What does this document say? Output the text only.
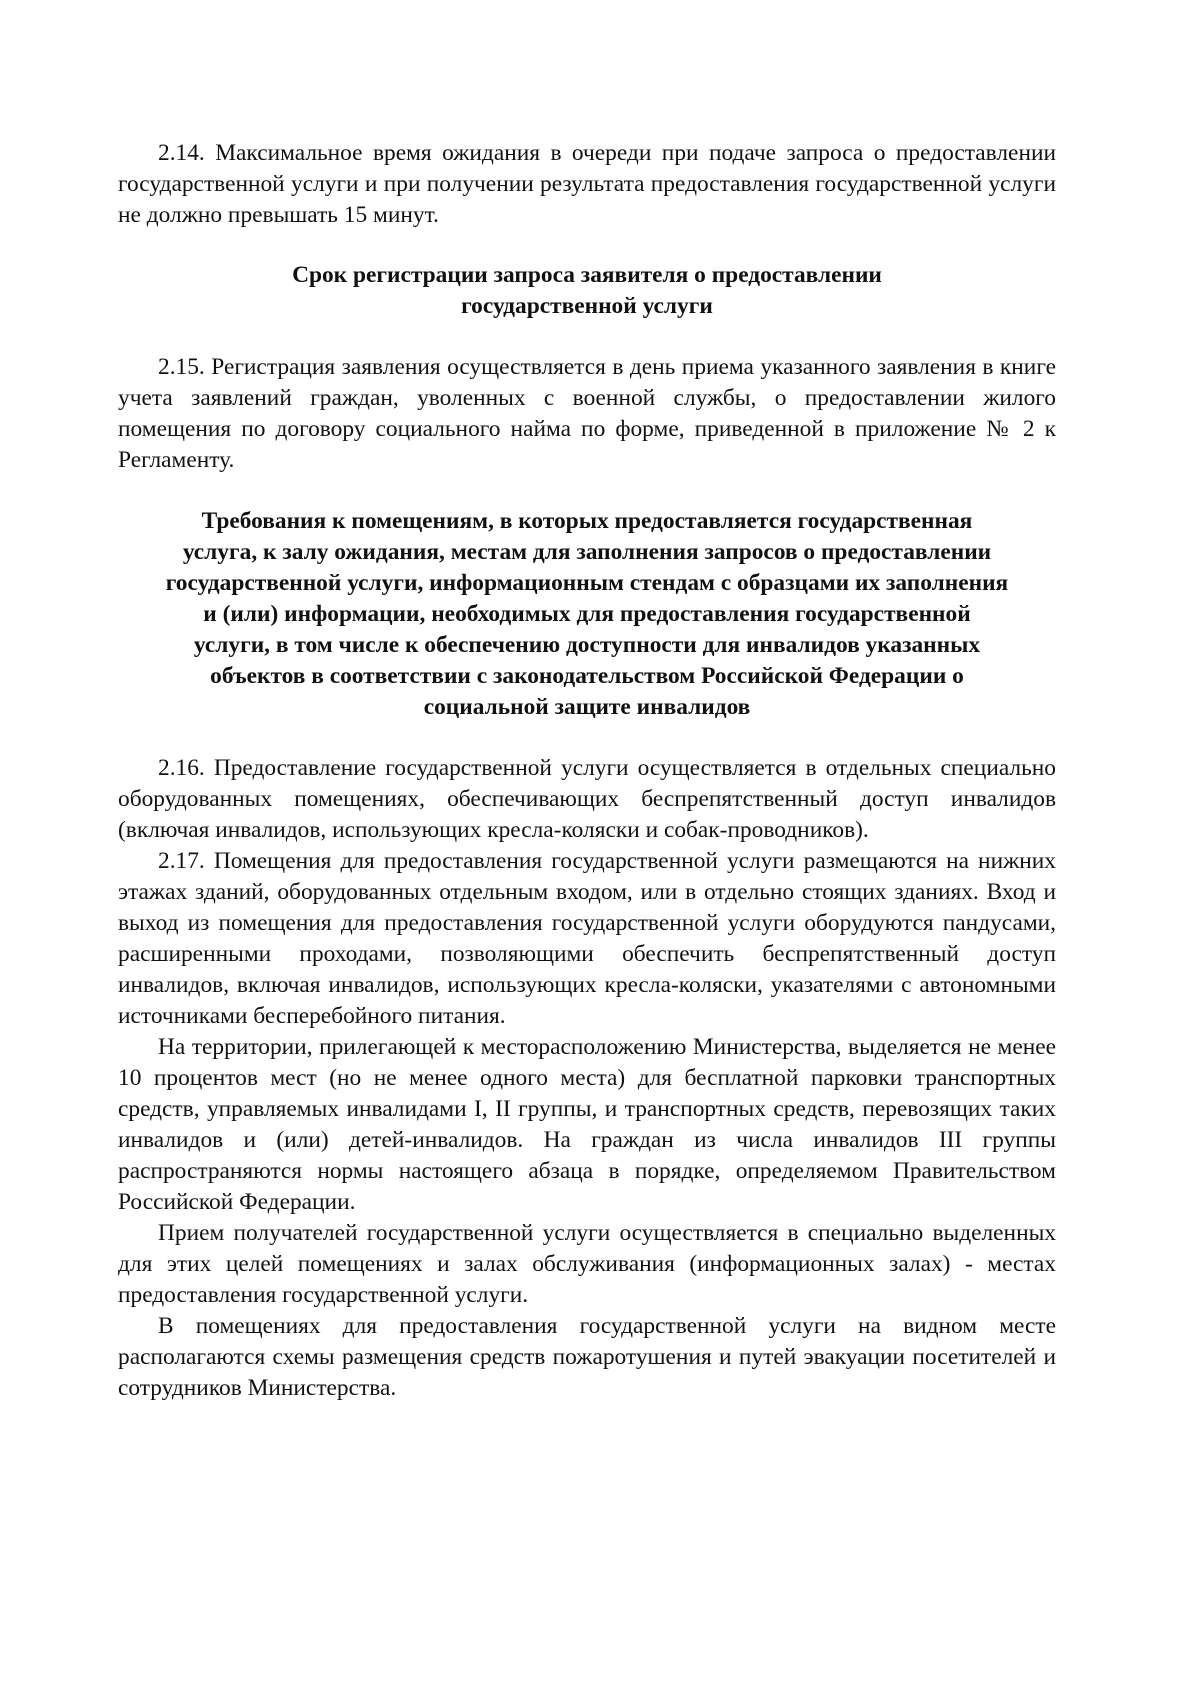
2.14. Максимальное время ожидания в очереди при подаче запроса о предоставлении государственной услуги и при получении результата предоставления государственной услуги не должно превышать 15 минут.

Срок регистрации запроса заявителя о предоставлении
государственной услуги

2.15. Регистрация заявления осуществляется в день приема указанного заявления в книге учета заявлений граждан, уволенных с военной службы, о предоставлении жилого помещения по договору социального найма по форме, приведенной в приложение № 2 к Регламенту.

Требования к помещениям, в которых предоставляется государственная
услуга, к залу ожидания, местам для заполнения запросов о предоставлении
государственной услуги, информационным стендам с образцами их заполнения
и (или) информации, необходимых для предоставления государственной
услуги, в том числе к обеспечению доступности для инвалидов указанных
объектов в соответствии с законодательством Российской Федерации о
социальной защите инвалидов

2.16. Предоставление государственной услуги осуществляется в отдельных специально оборудованных помещениях, обеспечивающих беспрепятственный доступ инвалидов (включая инвалидов, использующих кресла-коляски и собак-проводников).

2.17. Помещения для предоставления государственной услуги размещаются на нижних этажах зданий, оборудованных отдельным входом, или в отдельно стоящих зданиях. Вход и выход из помещения для предоставления государственной услуги оборудуются пандусами, расширенными проходами, позволяющими обеспечить беспрепятственный доступ инвалидов, включая инвалидов, использующих кресла-коляски, указателями с автономными источниками бесперебойного питания.

На территории, прилегающей к месторасположению Министерства, выделяется не менее 10 процентов мест (но не менее одного места) для бесплатной парковки транспортных средств, управляемых инвалидами I, II группы, и транспортных средств, перевозящих таких инвалидов и (или) детей-инвалидов. На граждан из числа инвалидов III группы распространяются нормы настоящего абзаца в порядке, определяемом Правительством Российской Федерации.

Прием получателей государственной услуги осуществляется в специально выделенных для этих целей помещениях и залах обслуживания (информационных залах) - местах предоставления государственной услуги.

В помещениях для предоставления государственной услуги на видном месте располагаются схемы размещения средств пожаротушения и путей эвакуации посетителей и сотрудников Министерства.
